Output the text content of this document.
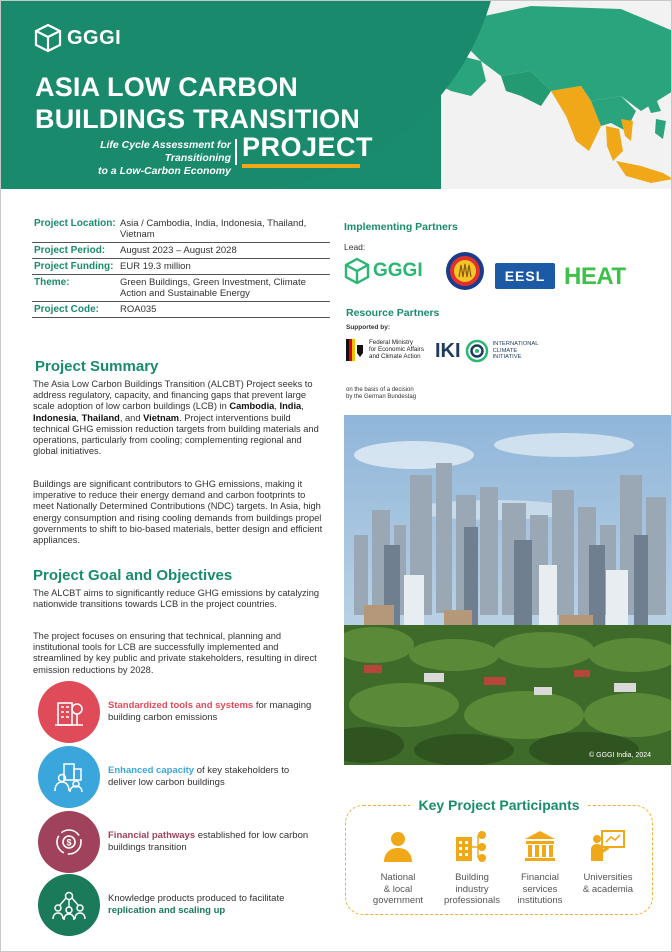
GGGI
ASIA LOW CARBON
BUILDINGS TRANSITION
Life Cycle Assessment for Transitioning
to a Low-Carbon Economy
PROJECT
Project Location: Asia / Cambodia, India, Indonesia, Thailand, Vietnam
Project Period:	August 2023 – August 2028
Project Funding: EUR 19.3 million
Theme:	Green Buildings, Green Investment, Climate Action and Sustainable Energy
Project Code:	ROA035
Project Summary
The Asia Low Carbon Buildings Transition (ALCBT) Project seeks to address regulatory, capacity, and financing gaps that prevent large scale adoption of low carbon buildings (LCB) in Cambodia, India, Indonesia, Thailand, and Vietnam. Project interventions build technical GHG emission reduction targets from building materials and operations, particularly from cooling; complementing regional and global initiatives.
Buildings are significant contributors to GHG emissions, making it imperative to reduce their energy demand and carbon footprints to meet Nationally Determined Contributions (NDC) targets. In Asia, high energy consumption and rising cooling demands from buildings propel governments to shift to bio-based materials, better design and efficient appliances.
Project Goal and Objectives
The ALCBT aims to significantly reduce GHG emissions by catalyzing nationwide transitions towards LCB in the project countries.
The project focuses on ensuring that technical, planning and institutional tools for LCB are successfully implemented and streamlined by key public and private stakeholders, resulting in direct emission reductions by 2028.
Standardized tools and systems for managing building carbon emissions
Enhanced capacity of key stakeholders to deliver low carbon buildings
$
Financial pathways established for low carbon buildings transition
Knowledge products produced to facilitate replication and scaling up
Implementing Partners
Lead:
GGGI	EESL HEAT
Resource Partners
Supported by:
Federal Ministry
for Economic Affairs
and Climate Action IKI	INTERNATIONAL
CLIMATE
INITIATIVE
on the basis of a decision
by the German Bundestag
© GGGI India, 2024
Key Project Participants
National
& local
government
Building
industry
professionals
Financial
services
institutions
Universities
& academia
